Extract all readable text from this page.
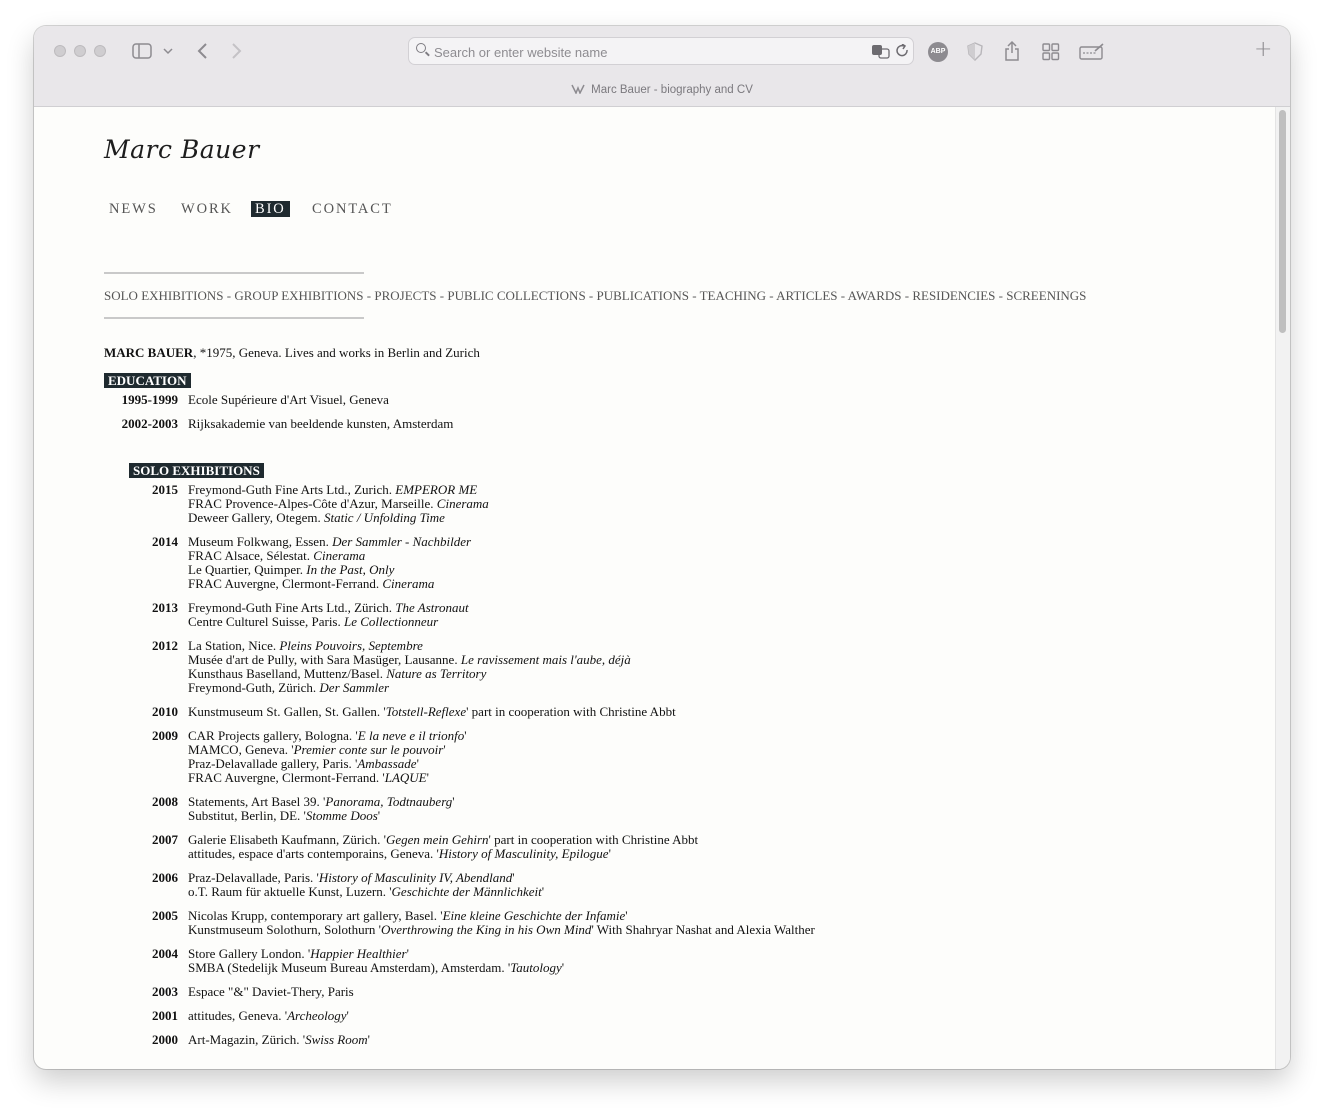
Search or enter website name
ABP	+
Marc Bauer - biography and CV
Marc Bauer
NEWS WORK BIO CONTACT
SOLO EXHIBITIONS - GROUP EXHIBITIONS - PROJECTS - PUBLIC COLLECTIONS - PUBLICATIONS - TEACHING - ARTICLES - AWARDS - RESIDENCIES - SCREENINGS
MARC BAUER, *1975, Geneva. Lives and works in Berlin and Zurich
EDUCATION
1995-1999 Ecole Supérieure d'Art Visuel, Geneva
2002-2003 Rijksakademie van beeldende kunsten, Amsterdam
SOLO EXHIBITIONS
2015 Freymond-Guth Fine Arts Ltd., Zurich. EMPEROR ME
FRAC Provence-Alpes-Côte d'Azur, Marseille. Cinerama
Deweer Gallery, Otegem. Static / Unfolding Time
2014 Museum Folkwang, Essen. Der Sammler - Nachbilder
FRAC Alsace, Sélestat. Cinerama
Le Quartier, Quimper. In the Past, Only
FRAC Auvergne, Clermont-Ferrand. Cinerama
2013 Freymond-Guth Fine Arts Ltd., Zürich. The Astronaut
Centre Culturel Suisse, Paris. Le Collectionneur
2012 La Station, Nice. Pleins Pouvoirs, Septembre
Musée d'art de Pully, with Sara Masüger, Lausanne. Le ravissement mais l'aube, déjà
Kunsthaus Baselland, Muttenz/Basel. Nature as Territory
Freymond-Guth, Zürich. Der Sammler
2010 Kunstmuseum St. Gallen, St. Gallen. 'Totstell-Reflexe' part in cooperation with Christine Abbt
2009 CAR Projects gallery, Bologna. 'E la neve e il trionfo'
MAMCO, Geneva. 'Premier conte sur le pouvoir'
Praz-Delavallade gallery, Paris. 'Ambassade'
FRAC Auvergne, Clermont-Ferrand. 'LAQUE'
2008 Statements, Art Basel 39. 'Panorama, Todtnauberg'
Substitut, Berlin, DE. 'Stomme Doos'
2007 Galerie Elisabeth Kaufmann, Zürich. 'Gegen mein Gehirn' part in cooperation with Christine Abbt
attitudes, espace d'arts contemporains, Geneva. 'History of Masculinity, Epilogue'
2006 Praz-Delavallade, Paris. 'History of Masculinity IV, Abendland'
o.T. Raum für aktuelle Kunst, Luzern. 'Geschichte der Männlichkeit'
2005 Nicolas Krupp, contemporary art gallery, Basel. 'Eine kleine Geschichte der Infamie'
Kunstmuseum Solothurn, Solothurn 'Overthrowing the King in his Own Mind' With Shahryar Nashat and Alexia Walther
2004 Store Gallery London. 'Happier Healthier'
SMBA (Stedelijk Museum Bureau Amsterdam), Amsterdam. 'Tautology'
2003 Espace "&" Daviet-Thery, Paris
2001 attitudes, Geneva. 'Archeology'
2000 Art-Magazin, Zürich. 'Swiss Room'
